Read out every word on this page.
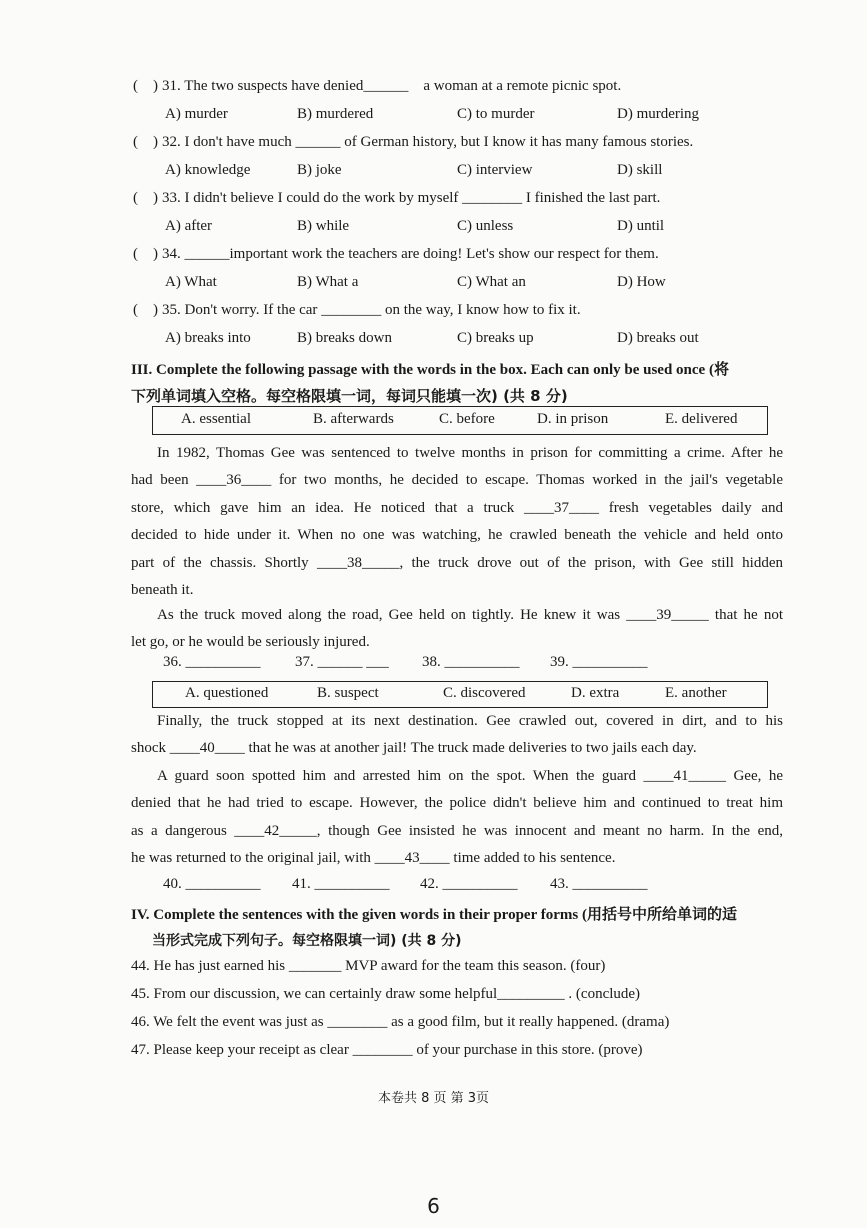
(    ) 31. The two suspects have denied______ a woman at a remote picnic spot.
A) murder	B) murdered	C) to murder	D) murdering
(    ) 32. I don't have much ______ of German history, but I know it has many famous stories.
A) knowledge	B) joke	C) interview	D) skill
(    ) 33. I didn't believe I could do the work by myself ________ I finished the last part.
A) after	B) while	C) unless	D) until
(    ) 34. ______important work the teachers are doing! Let's show our respect for them.
A) What	B) What a	C) What an	D) How
(    ) 35. Don't worry. If the car ________ on the way, I know how to fix it.
A) breaks into	B) breaks down	C) breaks up	D) breaks out
III. Complete the following passage with the words in the box. Each can only be used once (将
下列单词填入空格。每空格限填一词，每词只能填一次) (共 8 分)
A. essential	B. afterwards	C. before	D. in prison	E. delivered
In 1982, Thomas Gee was sentenced to twelve months in prison for committing a crime. After he
had been ____36____ for two months, he decided to escape. Thomas worked in the jail's vegetable
store, which gave him an idea. He noticed that a truck ____37____ fresh vegetables daily and
decided to hide under it. When no one was watching, he crawled beneath the vehicle and held onto
part of the chassis. Shortly ____38_____, the truck drove out of the prison, with Gee still hidden
beneath it.
As the truck moved along the road, Gee held on tightly. He knew it was ____39_____ that he not
let go, or he would be seriously injured.
36. __________ 37. ______ ___ 38. __________ 39. __________
A. questioned	B. suspect	C. discovered	D. extra	E. another
Finally, the truck stopped at its next destination. Gee crawled out, covered in dirt, and to his
shock ____40____ that he was at another jail! The truck made deliveries to two jails each day.
A guard soon spotted him and arrested him on the spot. When the guard ____41_____ Gee, he
denied that he had tried to escape. However, the police didn't believe him and continued to treat him
as a dangerous ____42_____, though Gee insisted he was innocent and meant no harm. In the end,
he was returned to the original jail, with ____43____ time added to his sentence.
40. __________ 41. __________ 42. __________ 43. __________
IV. Complete the sentences with the given words in their proper forms (用括号中所给单词的适
当形式完成下列句子。每空格限填一词) (共 8 分)
44. He has just earned his _______ MVP award for the team this season. (four)
45. From our discussion, we can certainly draw some helpful_________ . (conclude)
46. We felt the event was just as ________ as a good film, but it really happened. (drama)
47. Please keep your receipt as clear ________ of your purchase in this store. (prove)
本卷共 8 页 第 3页
6
